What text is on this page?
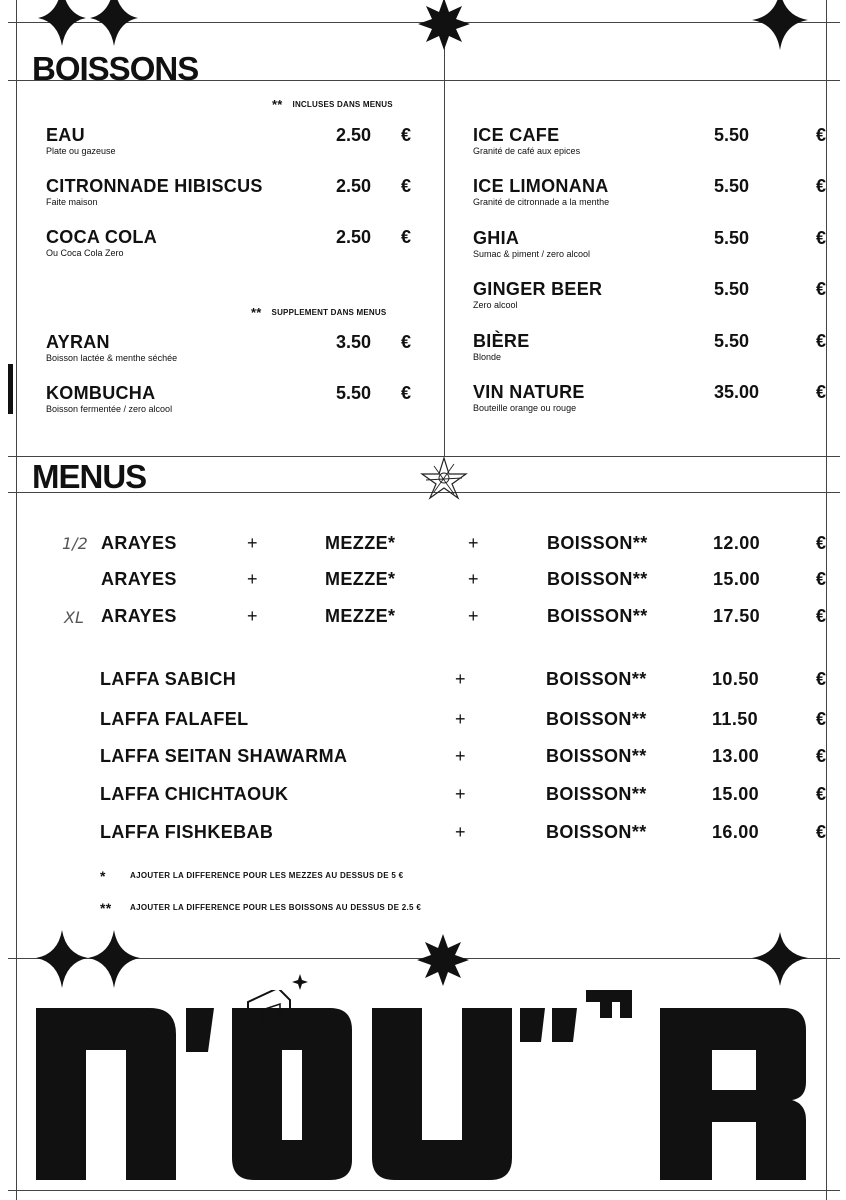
BOISSONS
** INCLUSES DANS MENUS
EAU
Plate ou gazeuse
2.50 €
CITRONNADE HIBISCUS
Faite maison
2.50 €
COCA COLA
Ou Coca Cola Zero
2.50 €
** SUPPLEMENT DANS MENUS
AYRAN
Boisson lactée & menthe séchée
3.50 €
KOMBUCHA
Boisson fermentée / zero alcool
5.50 €
ICE CAFE
Granité de café aux epices
5.50	€
ICE LIMONANA
Granité de citronnade a la menthe
5.50	€
GHIA
Sumac & piment / zero alcool
5.50	€
GINGER BEER
Zero alcool
5.50	€
BIÈRE
Blonde
5.50	€
VIN NATURE
Bouteille orange ou rouge
35.00	€
MENUS
1/2 ARAYES	+	MEZZE*	+	BOISSON**	12.00	€
ARAYES	+	MEZZE*	+	BOISSON**	15.00	€
XL ARAYES	+	MEZZE*	+	BOISSON**	17.50	€
LAFFA SABICH	+	BOISSON**	10.50	€
LAFFA FALAFEL	+	BOISSON**	11.50	€
LAFFA SEITAN SHAWARMA	+	BOISSON**	13.00	€
LAFFA CHICHTAOUK	+	BOISSON**	15.00	€
LAFFA FISHKEBAB	+	BOISSON**	16.00	€
*	AJOUTER LA DIFFERENCE POUR LES MEZZES AU DESSUS DE 5 €
** AJOUTER LA DIFFERENCE POUR LES BOISSONS AU DESSUS DE 2.5 €
